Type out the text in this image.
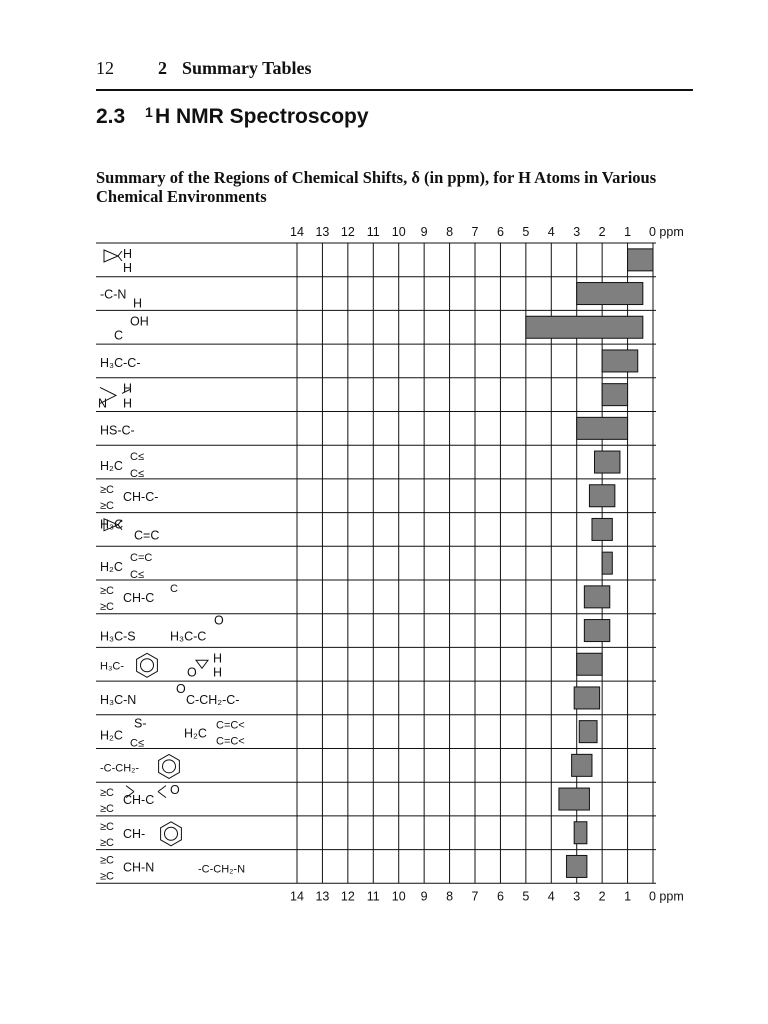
12 2 Summary Tables
2.3 1 H NMR Spectroscopy
Summary of the Regions of Chemical Shifts, δ (in ppm), for H Atoms in Various Chemical Environments
H
H
-C-N
H
C
OH
H₃C-C-
H
N H
HS-C-
H₂C
C≤
C≤
≥C
≥C
CH-C-
H₃C
C=C
H₂C
C=C
C≤
≥C
≥C
CH-C
C
H₃C-S	H₃C-C
O
H₃C-	O
H
H
H₃C-N
O
C-CH₂-C-
H₂C
S-
C≤
H₂C
C=C<
C=C<
-C-CH₂-
≥C
≥C
CH-C
O
≥C
≥C
CH-
≥C
≥C
CH-N	-C-CH₂-N
14
14
13
13
12
12
11
11
10
10
9
9
8
8
7
7
6
6
5
5
4
4
3
3
2
2
1
1
0 ppm
0 ppm
